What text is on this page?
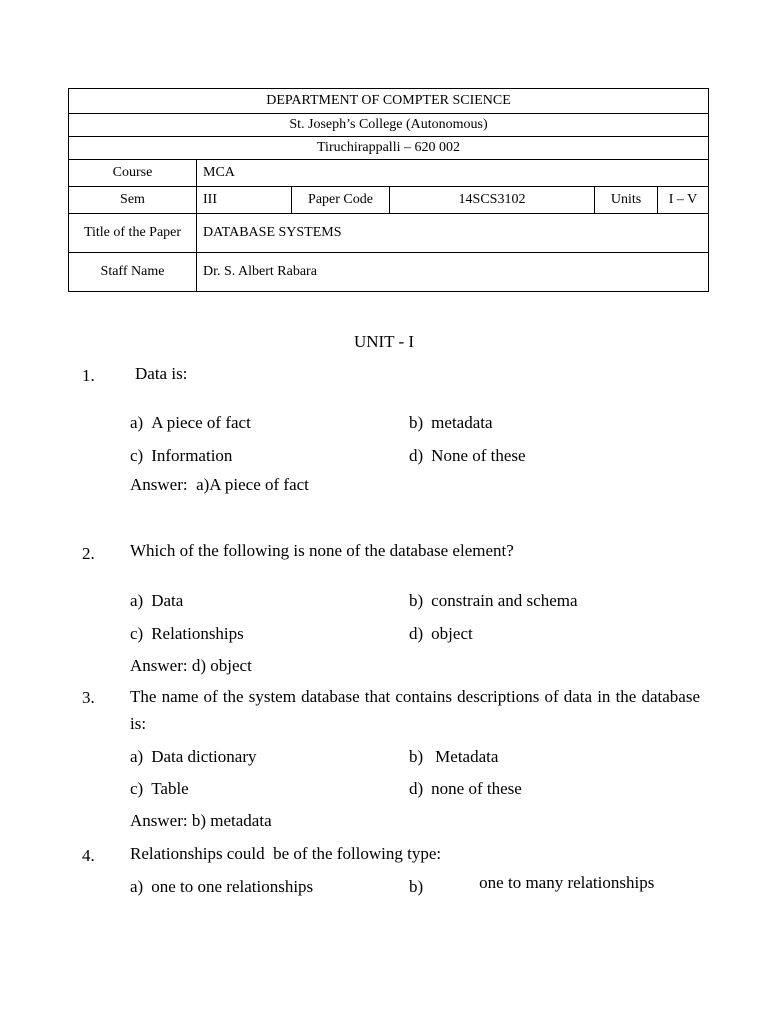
DEPARTMENT OF COMPTER SCIENCE					
St. Joseph’s College (Autonomous)					
Tiruchirappalli – 620 002					
Course	MCA				
Sem	III	Paper Code	14SCS3102	Units	I – V
Title of the Paper	DATABASE SYSTEMS				
Staff Name	Dr. S. Albert Rabara				
UNIT - I
1. Data is:
a) A piece of fact	b) metadata
c) Information	d) None of these
Answer:  a)A piece of fact
2. Which of the following is none of the database element?
a) Data	b) constrain and schema
c) Relationships	d) object
Answer: d) object
3. The name of the system database that contains descriptions of data in the database is:
a) Data dictionary	b) Metadata
c) Table	d) none of these
Answer: b) metadata
4. Relationships could  be of the following type:
a) one to one relationships	b)	one to many relationships
